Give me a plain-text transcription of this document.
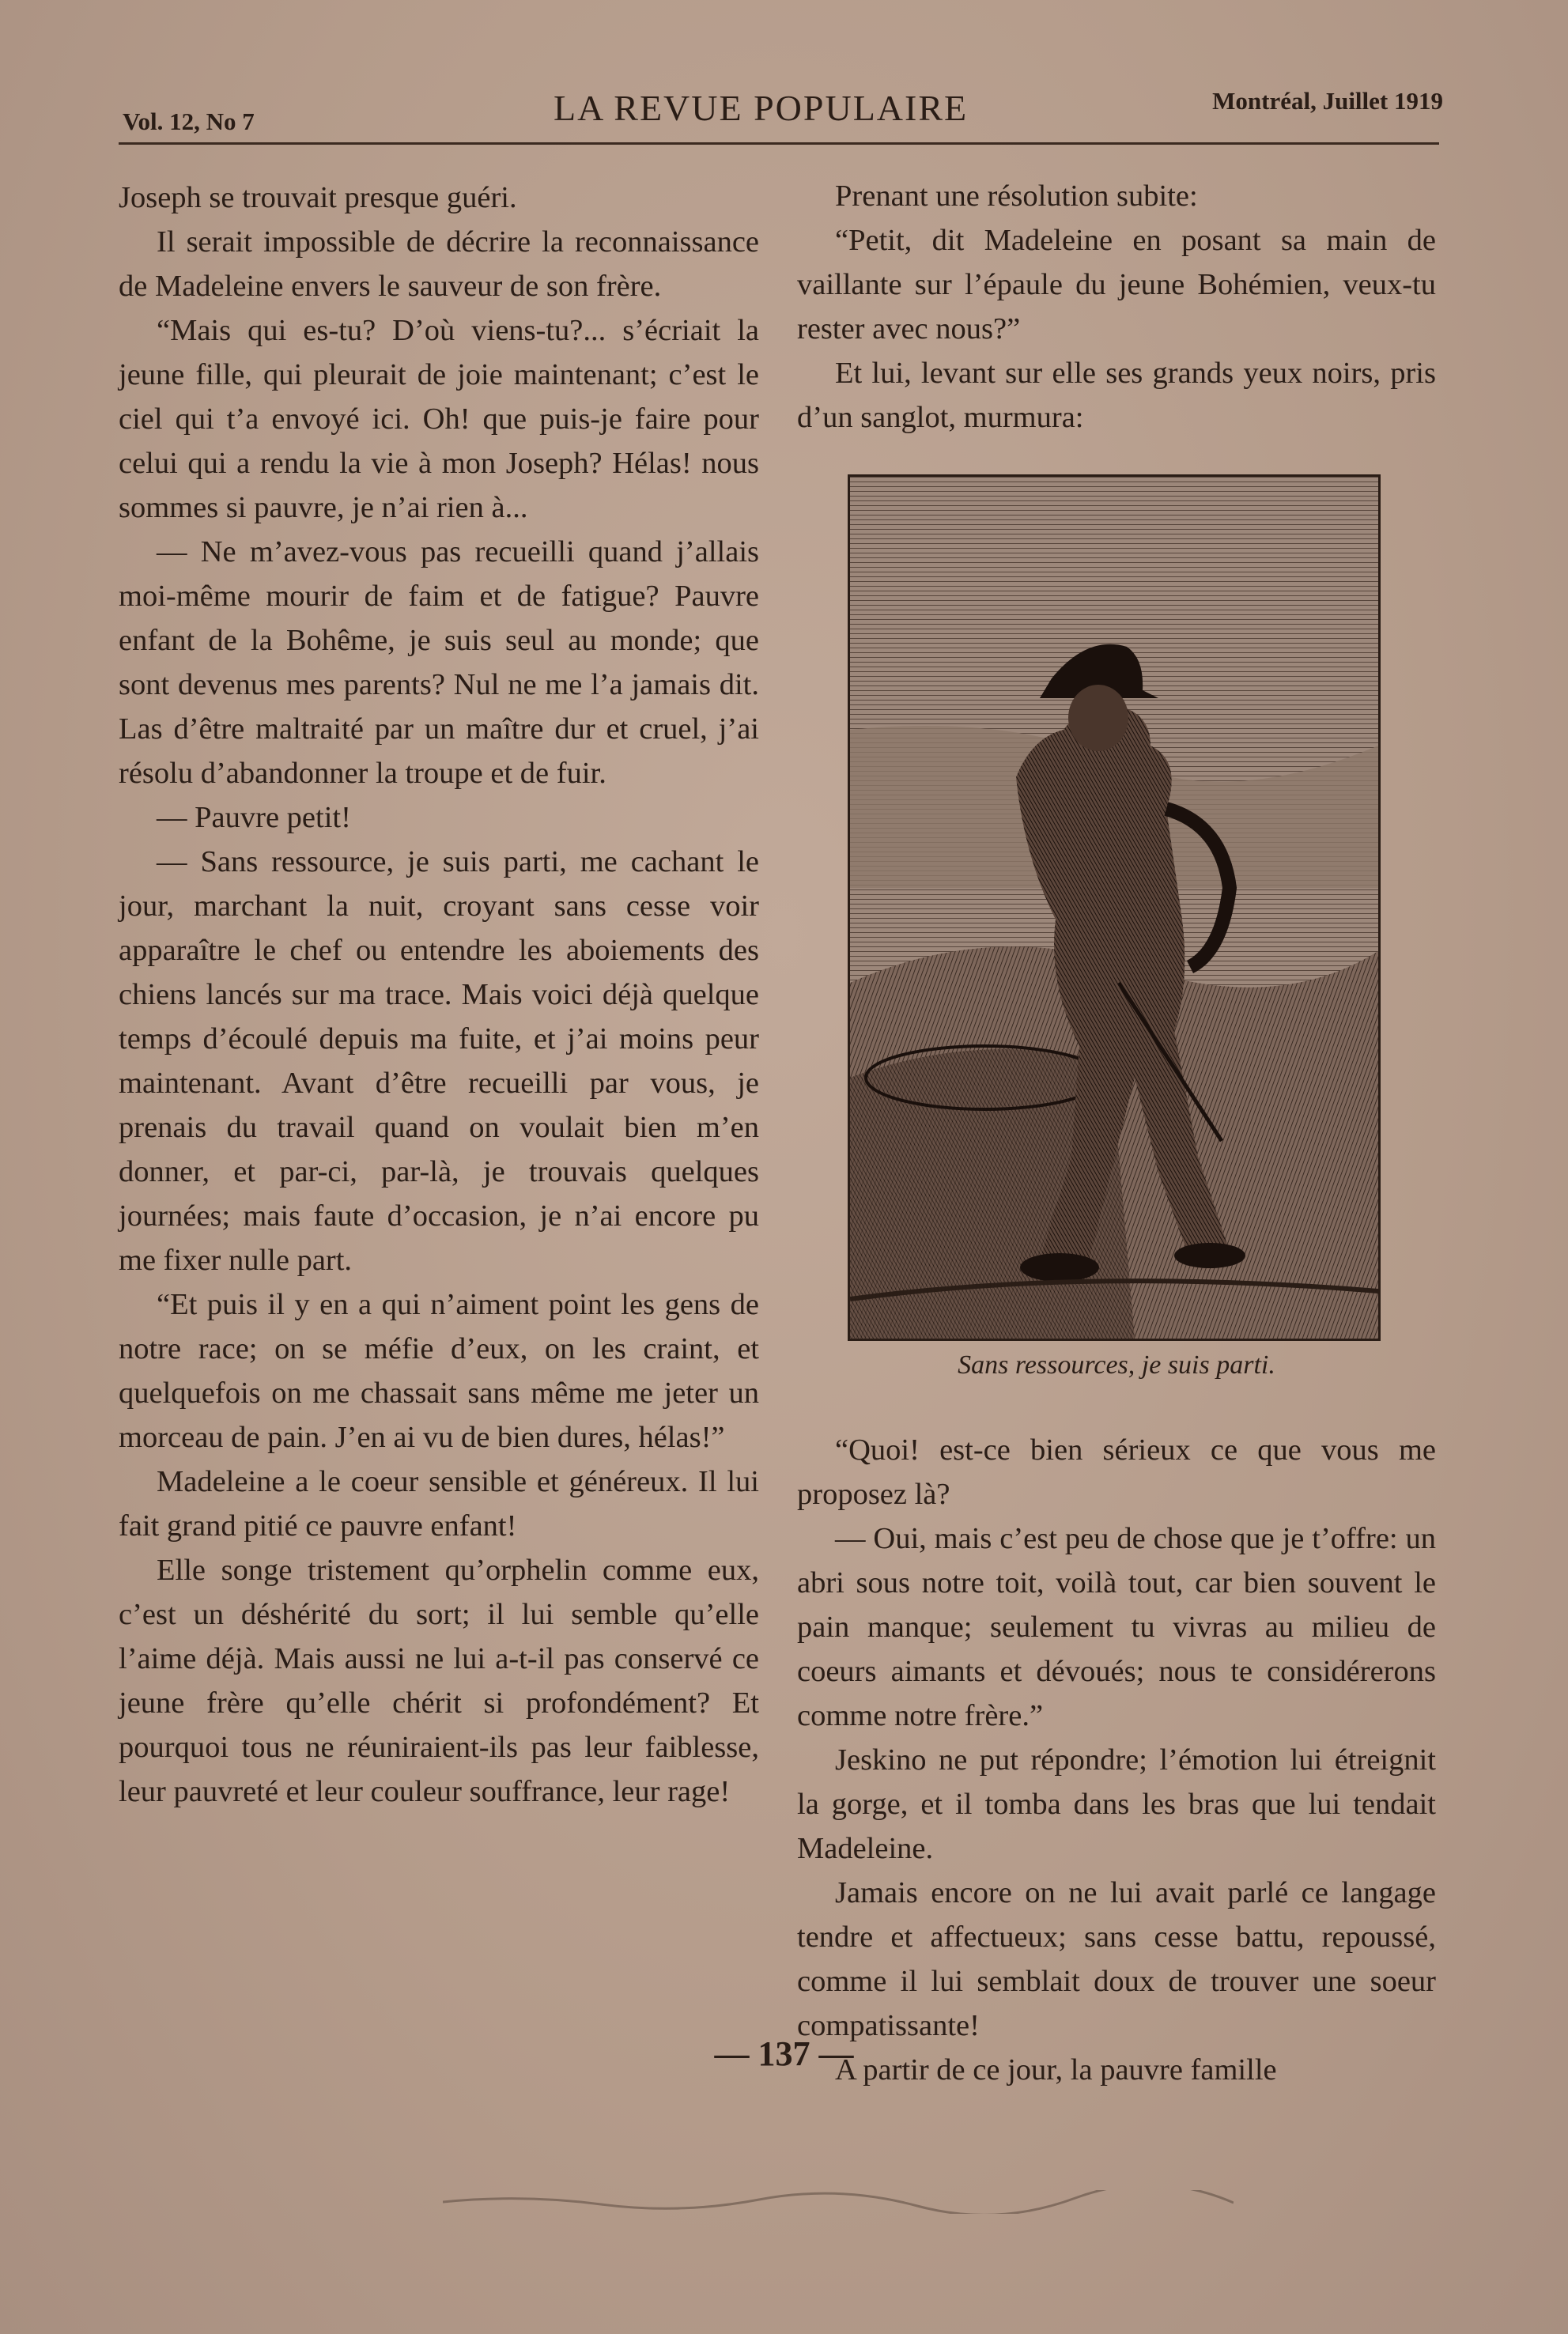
Vol. 12, No 7	LA REVUE POPULAIRE	Montréal, Juillet 1919

Joseph se trouvait presque guéri.

Il serait impossible de décrire la reconnaissance de Madeleine envers le sauveur de son frère.

“Mais qui es-tu? D’où viens-tu?... s’écriait la jeune fille, qui pleurait de joie maintenant; c’est le ciel qui t’a envoyé ici. Oh! que puis-je faire pour celui qui a rendu la vie à mon Joseph? Hélas! nous sommes si pauvre, je n’ai rien à...

— Ne m’avez-vous pas recueilli quand j’allais moi-même mourir de faim et de fatigue? Pauvre enfant de la Bohême, je suis seul au monde; que sont devenus mes parents? Nul ne me l’a jamais dit. Las d’être maltraité par un maître dur et cruel, j’ai résolu d’abandonner la troupe et de fuir.

— Pauvre petit!

— Sans ressource, je suis parti, me cachant le jour, marchant la nuit, croyant sans cesse voir apparaître le chef ou entendre les aboiements des chiens lancés sur ma trace. Mais voici déjà quelque temps d’écoulé depuis ma fuite, et j’ai moins peur maintenant. Avant d’être recueilli par vous, je prenais du travail quand on voulait bien m’en donner, et par-ci, par-là, je trouvais quelques journées; mais faute d’occasion, je n’ai encore pu me fixer nulle part.

“Et puis il y en a qui n’aiment point les gens de notre race; on se méfie d’eux, on les craint, et quelquefois on me chassait sans même me jeter un morceau de pain. J’en ai vu de bien dures, hélas!”

Madeleine a le coeur sensible et généreux. Il lui fait grand pitié ce pauvre enfant!

Elle songe tristement qu’orphelin comme eux, c’est un déshérité du sort; il lui semble qu’elle l’aime déjà. Mais aussi ne lui a-t-il pas conservé ce jeune frère qu’elle chérit si profondément? Et pourquoi tous ne réuniraient-ils pas leur faiblesse, leur pauvreté et leur couleur souffrance, leur rage!

Prenant une résolution subite:

“Petit, dit Madeleine en posant sa main de vaillante sur l’épaule du jeune Bohémien, veux-tu rester avec nous?”

Et lui, levant sur elle ses grands yeux noirs, pris d’un sanglot, murmura:

Sans ressources, je suis parti.

“Quoi! est-ce bien sérieux ce que vous me proposez là?

— Oui, mais c’est peu de chose que je t’offre: un abri sous notre toit, voilà tout, car bien souvent le pain manque; seulement tu vivras au milieu de coeurs aimants et dévoués; nous te considérerons comme notre frère.”

Jeskino ne put répondre; l’émotion lui étreignit la gorge, et il tomba dans les bras que lui tendait Madeleine.

Jamais encore on ne lui avait parlé ce langage tendre et affectueux; sans cesse battu, repoussé, comme il lui semblait doux de trouver une soeur compatissante!

A partir de ce jour, la pauvre famille

— 137 —
